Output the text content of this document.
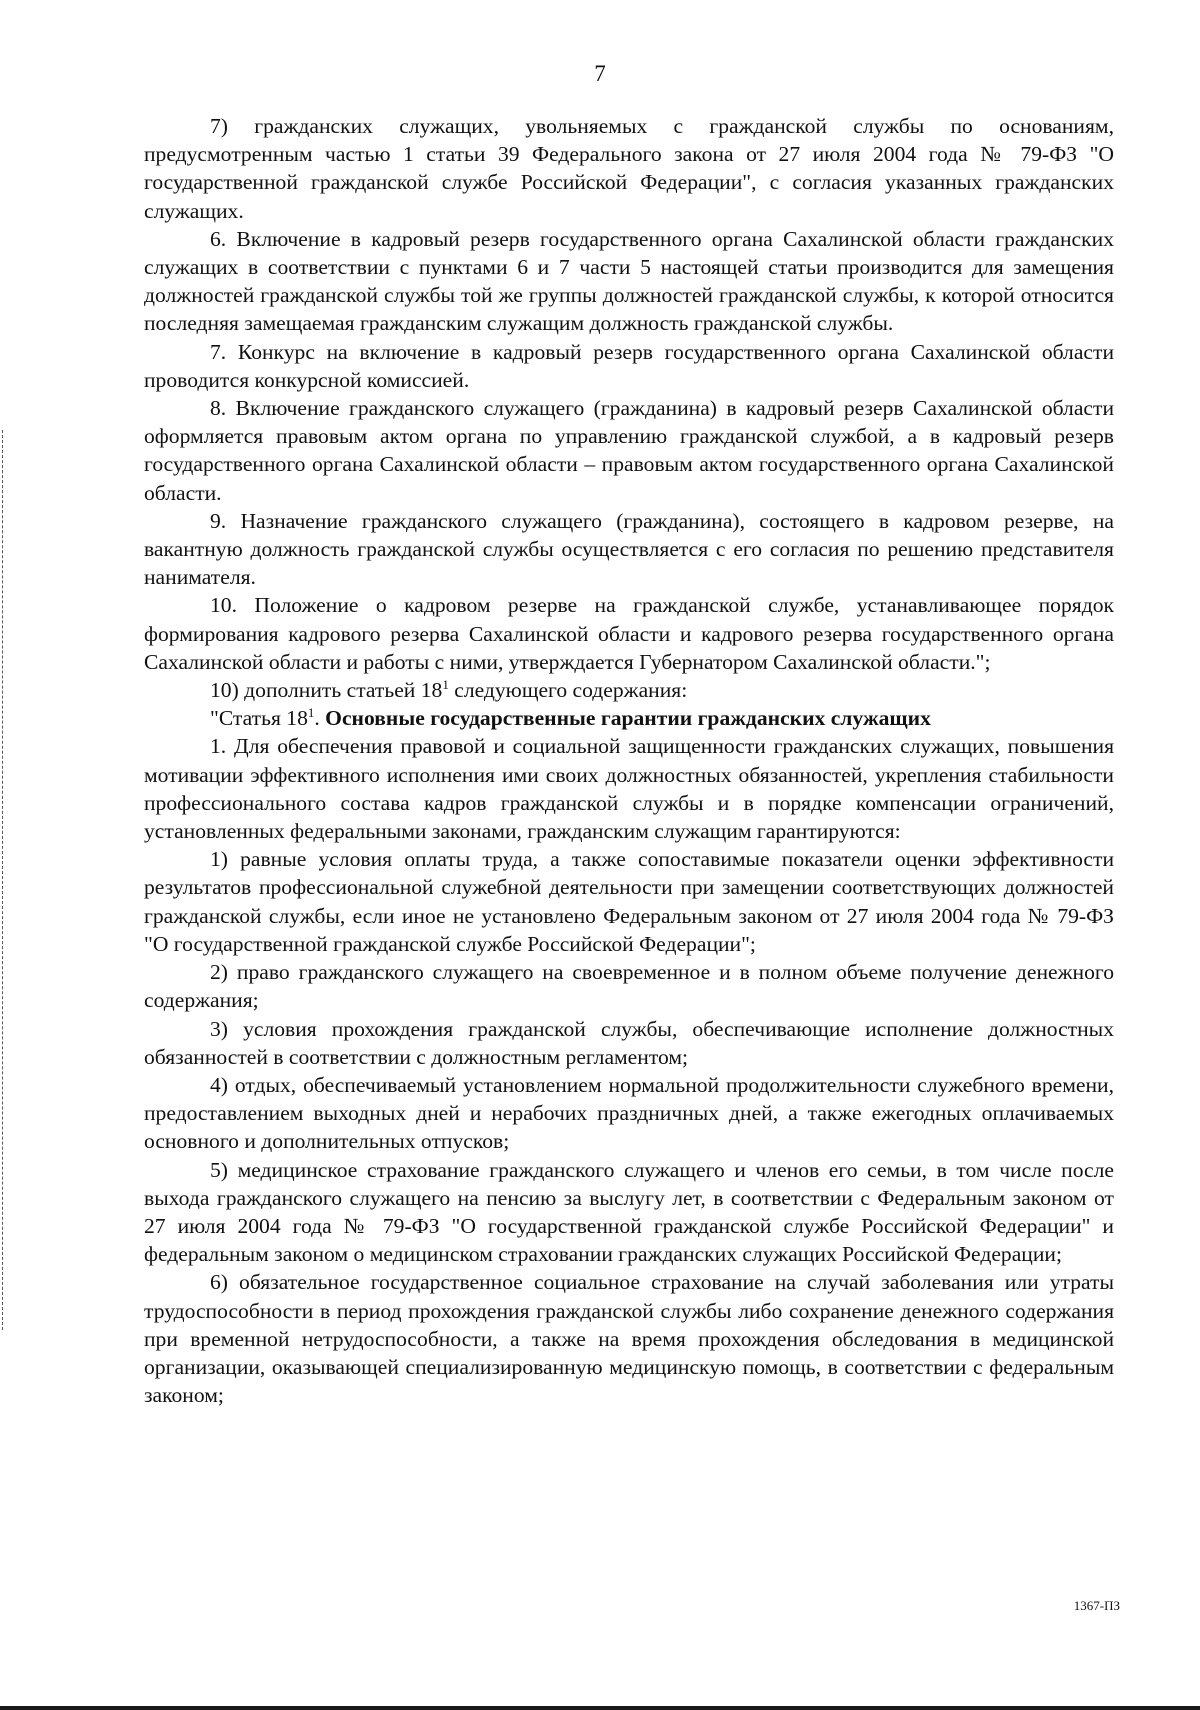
7

7) гражданских служащих, увольняемых с гражданской службы по основаниям, предусмотренным частью 1 статьи 39 Федерального закона от 27 июля 2004 года № 79-ФЗ "О государственной гражданской службе Российской Федерации", с согласия указанных гражданских служащих.

6. Включение в кадровый резерв государственного органа Сахалинской области гражданских служащих в соответствии с пунктами 6 и 7 части 5 настоящей статьи производится для замещения должностей гражданской службы той же группы должностей гражданской службы, к которой относится последняя замещаемая гражданским служащим должность гражданской службы.

7. Конкурс на включение в кадровый резерв государственного органа Сахалинской области проводится конкурсной комиссией.

8. Включение гражданского служащего (гражданина) в кадровый резерв Сахалинской области оформляется правовым актом органа по управлению гражданской службой, а в кадровый резерв государственного органа Сахалинской области – правовым актом государственного органа Сахалинской области.

9. Назначение гражданского служащего (гражданина), состоящего в кадровом резерве, на вакантную должность гражданской службы осуществляется с его согласия по решению представителя нанимателя.

10. Положение о кадровом резерве на гражданской службе, устанавливающее порядок формирования кадрового резерва Сахалинской области и кадрового резерва государственного органа Сахалинской области и работы с ними, утверждается Губернатором Сахалинской области.";

10) дополнить статьей $18^1$ следующего содержания:

"Статья $18^1$. Основные государственные гарантии гражданских служащих

1. Для обеспечения правовой и социальной защищенности гражданских служащих, повышения мотивации эффективного исполнения ими своих должностных обязанностей, укрепления стабильности профессионального состава кадров гражданской службы и в порядке компенсации ограничений, установленных федеральными законами, гражданским служащим гарантируются:

1) равные условия оплаты труда, а также сопоставимые показатели оценки эффективности результатов профессиональной служебной деятельности при замещении соответствующих должностей гражданской службы, если иное не установлено Федеральным законом от 27 июля 2004 года № 79-ФЗ "О государственной гражданской службе Российской Федерации";

2) право гражданского служащего на своевременное и в полном объеме получение денежного содержания;

3) условия прохождения гражданской службы, обеспечивающие исполнение должностных обязанностей в соответствии с должностным регламентом;

4) отдых, обеспечиваемый установлением нормальной продолжительности служебного времени, предоставлением выходных дней и нерабочих праздничных дней, а также ежегодных оплачиваемых основного и дополнительных отпусков;

5) медицинское страхование гражданского служащего и членов его семьи, в том числе после выхода гражданского служащего на пенсию за выслугу лет, в соответствии с Федеральным законом от 27 июля 2004 года № 79-ФЗ "О государственной гражданской службе Российской Федерации" и федеральным законом о медицинском страховании гражданских служащих Российской Федерации;

6) обязательное государственное социальное страхование на случай заболевания или утраты трудоспособности в период прохождения гражданской службы либо сохранение денежного содержания при временной нетрудоспособности, а также на время прохождения обследования в медицинской организации, оказывающей специализированную медицинскую помощь, в соответствии с федеральным законом;

1367-ПЗ
